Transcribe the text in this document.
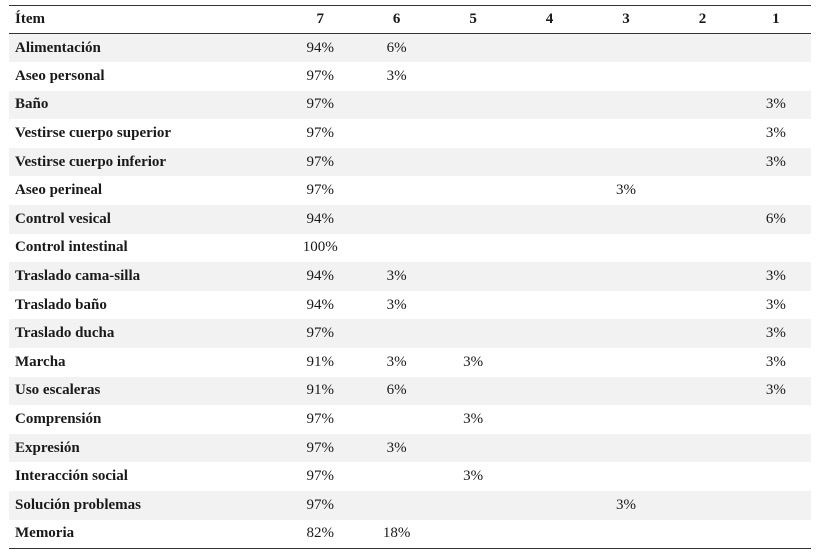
Ítem	7	6	5	4	3	2	1
Alimentación	94%	6%					
Aseo personal	97%	3%					
Baño	97%						3%
Vestirse cuerpo superior	97%						3%
Vestirse cuerpo inferior	97%						3%
Aseo perineal	97%				3%		
Control vesical	94%						6%
Control intestinal	100%						
Traslado cama-silla	94%	3%					3%
Traslado baño	94%	3%					3%
Traslado ducha	97%						3%
Marcha	91%	3%	3%				3%
Uso escaleras	91%	6%					3%
Comprensión	97%		3%				
Expresión	97%	3%					
Interacción social	97%		3%				
Solución problemas	97%				3%		
Memoria	82%	18%					
